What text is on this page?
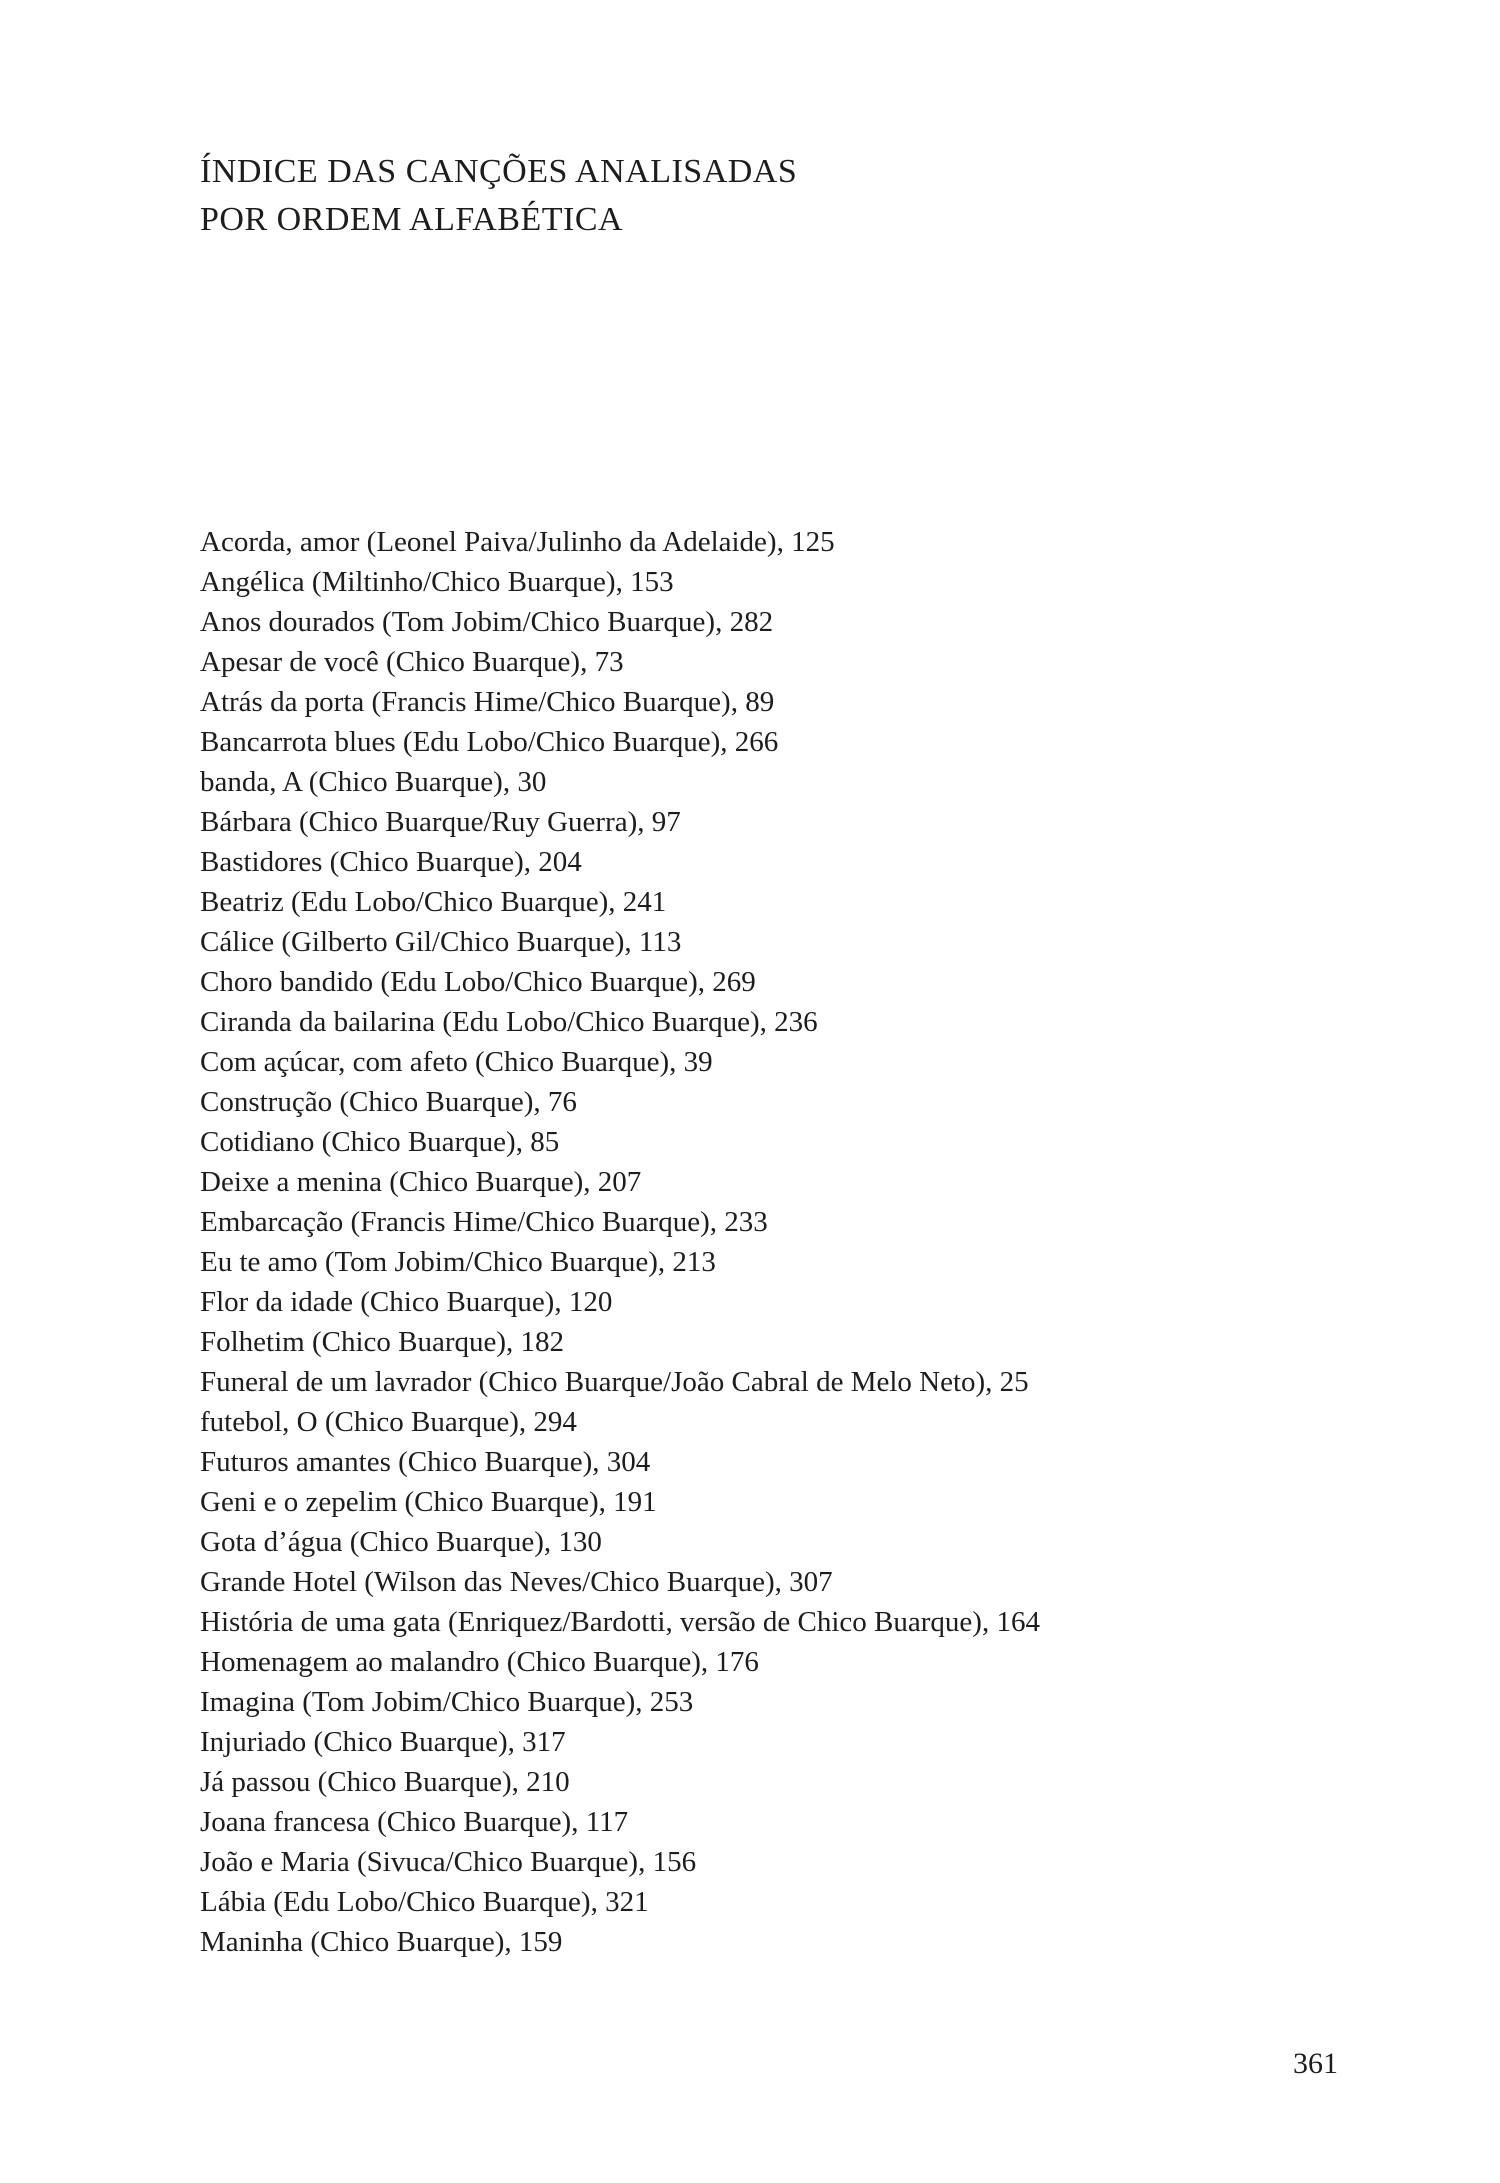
ÍNDICE DAS CANÇÕES ANALISADAS
POR ORDEM ALFABÉTICA
Acorda, amor (Leonel Paiva/Julinho da Adelaide), 125
Angélica (Miltinho/Chico Buarque), 153
Anos dourados (Tom Jobim/Chico Buarque), 282
Apesar de você (Chico Buarque), 73
Atrás da porta (Francis Hime/Chico Buarque), 89
Bancarrota blues (Edu Lobo/Chico Buarque), 266
banda, A (Chico Buarque), 30
Bárbara (Chico Buarque/Ruy Guerra), 97
Bastidores (Chico Buarque), 204
Beatriz (Edu Lobo/Chico Buarque), 241
Cálice (Gilberto Gil/Chico Buarque), 113
Choro bandido (Edu Lobo/Chico Buarque), 269
Ciranda da bailarina (Edu Lobo/Chico Buarque), 236
Com açúcar, com afeto (Chico Buarque), 39
Construção (Chico Buarque), 76
Cotidiano (Chico Buarque), 85
Deixe a menina (Chico Buarque), 207
Embarcação (Francis Hime/Chico Buarque), 233
Eu te amo (Tom Jobim/Chico Buarque), 213
Flor da idade (Chico Buarque), 120
Folhetim (Chico Buarque), 182
Funeral de um lavrador (Chico Buarque/João Cabral de Melo Neto), 25
futebol, O (Chico Buarque), 294
Futuros amantes (Chico Buarque), 304
Geni e o zepelim (Chico Buarque), 191
Gota d’água (Chico Buarque), 130
Grande Hotel (Wilson das Neves/Chico Buarque), 307
História de uma gata (Enriquez/Bardotti, versão de Chico Buarque), 164
Homenagem ao malandro (Chico Buarque), 176
Imagina (Tom Jobim/Chico Buarque), 253
Injuriado (Chico Buarque), 317
Já passou (Chico Buarque), 210
Joana francesa (Chico Buarque), 117
João e Maria (Sivuca/Chico Buarque), 156
Lábia (Edu Lobo/Chico Buarque), 321
Maninha (Chico Buarque), 159
361
